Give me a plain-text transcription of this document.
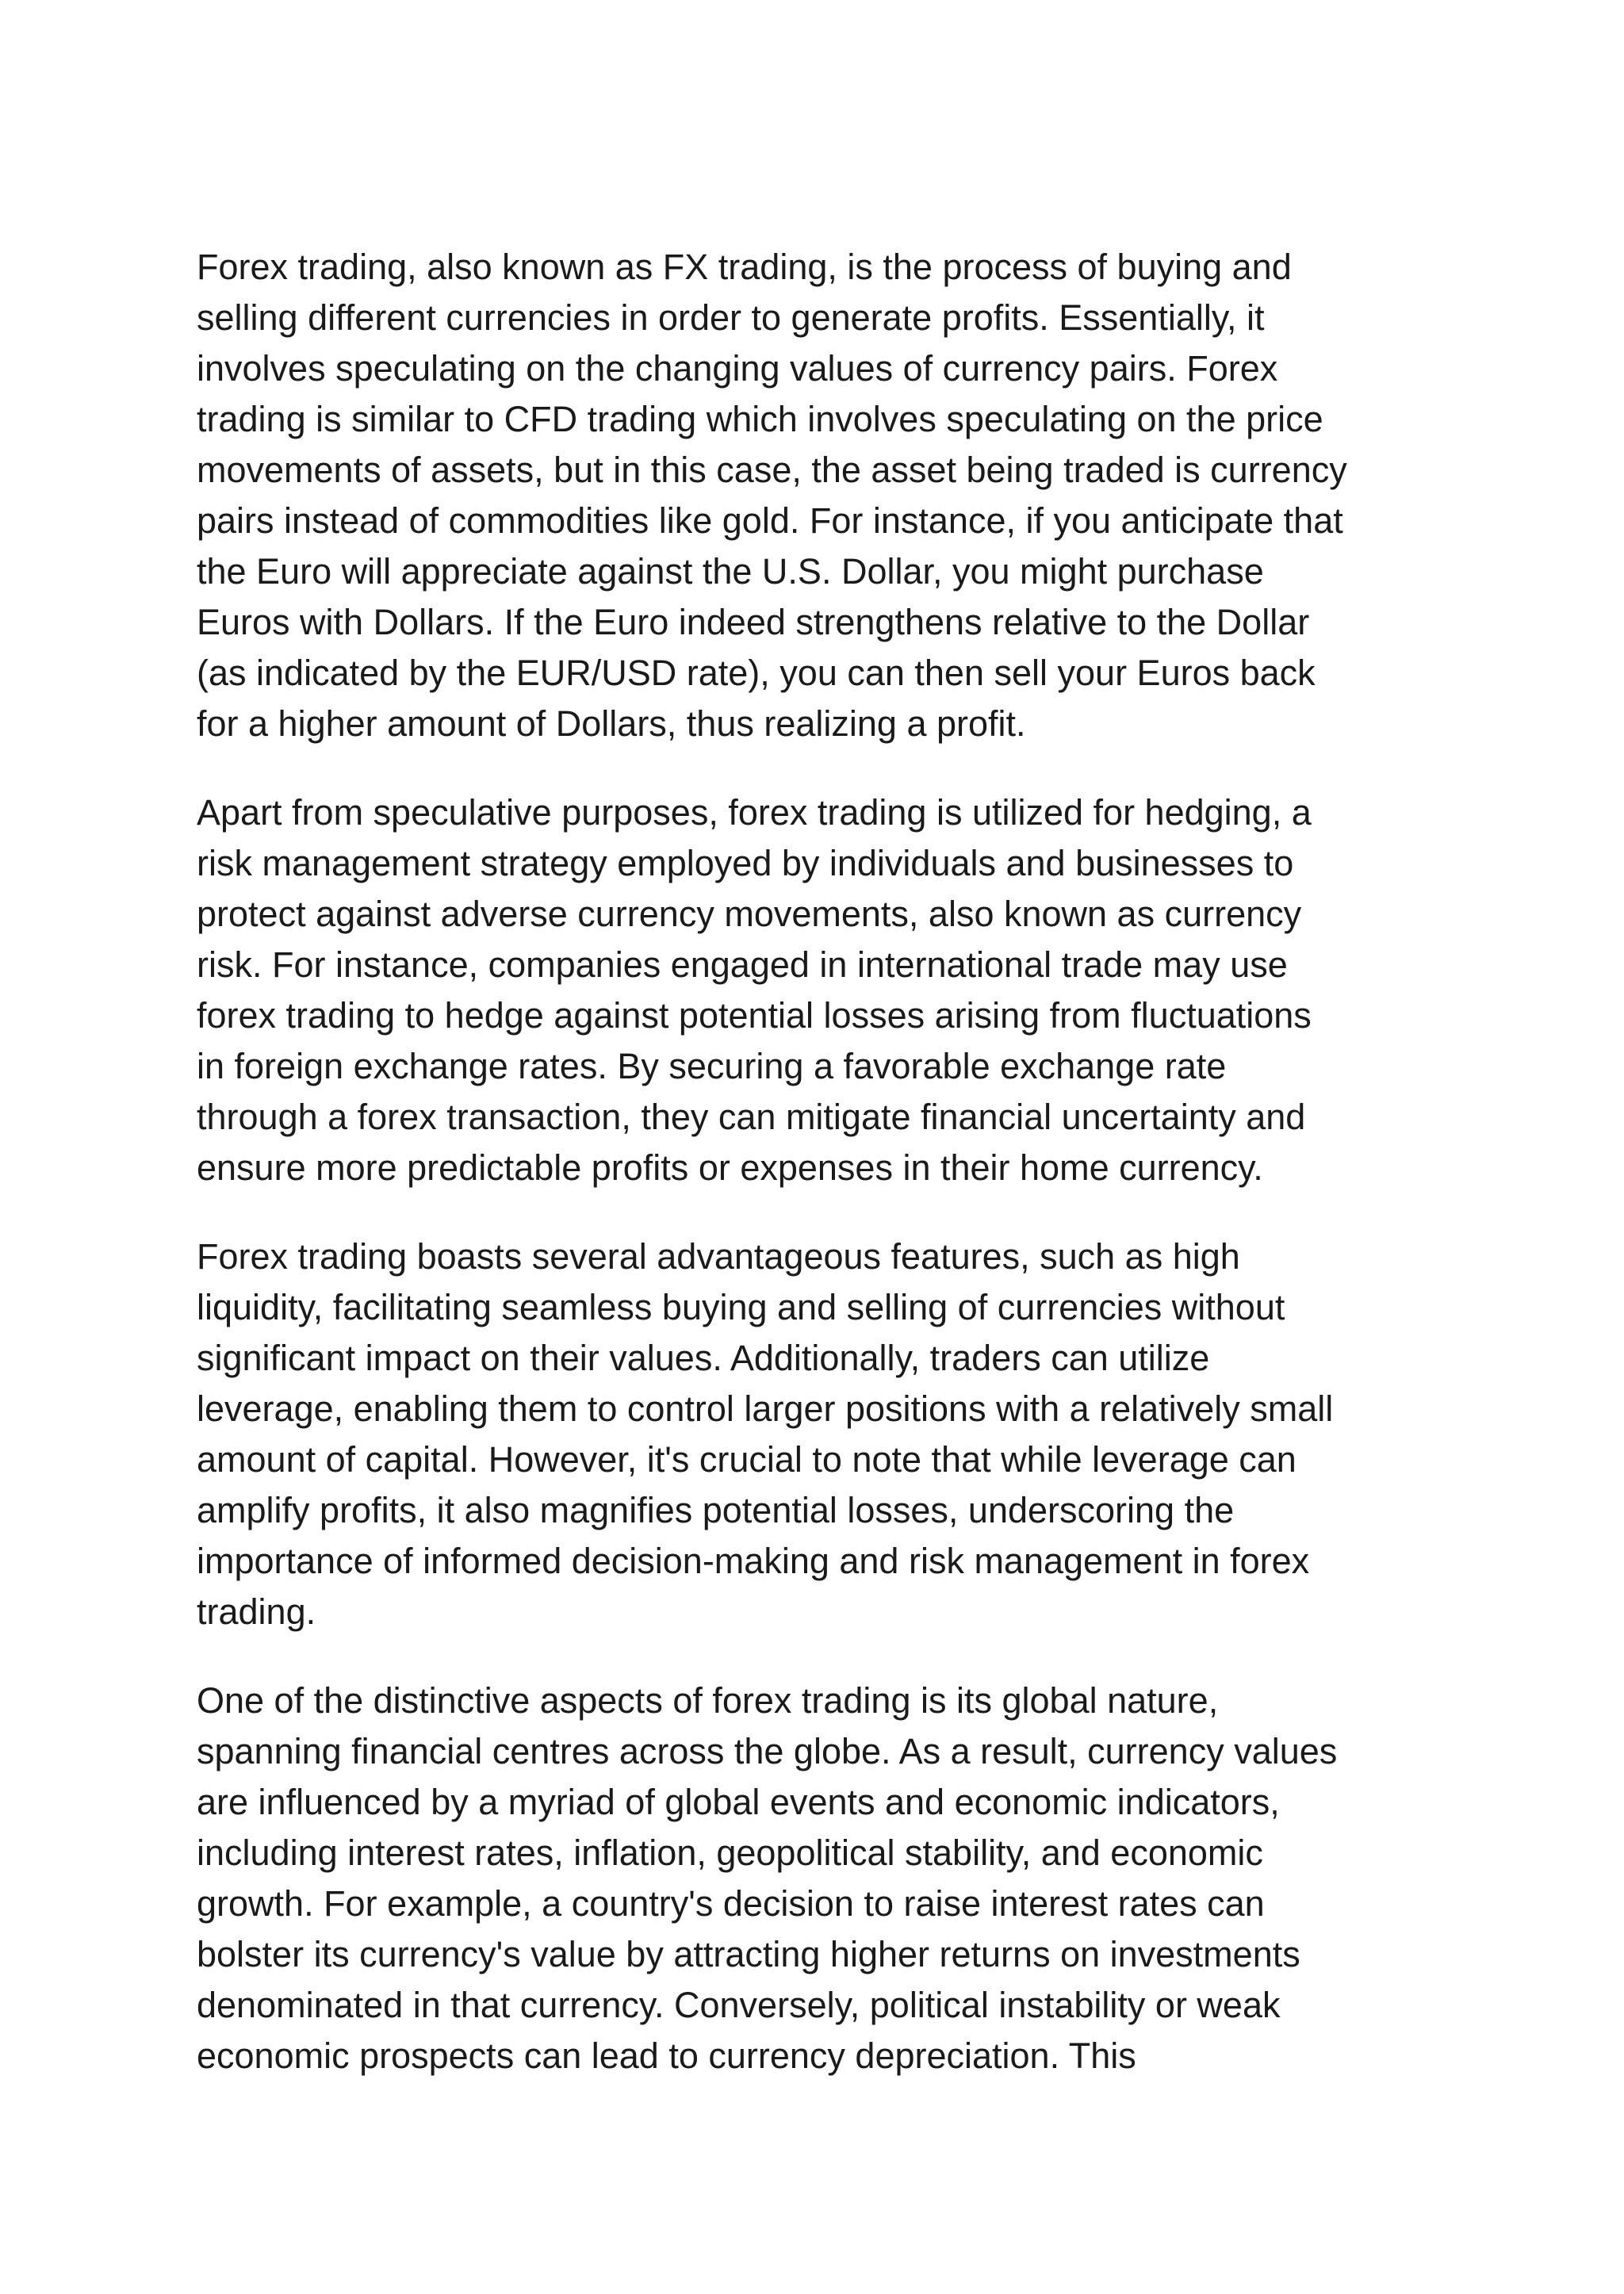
Forex trading, also known as FX trading, is the process of buying and
selling different currencies in order to generate profits. Essentially, it
involves speculating on the changing values of currency pairs. Forex
trading is similar to CFD trading which involves speculating on the price
movements of assets, but in this case, the asset being traded is currency
pairs instead of commodities like gold. For instance, if you anticipate that
the Euro will appreciate against the U.S. Dollar, you might purchase
Euros with Dollars. If the Euro indeed strengthens relative to the Dollar
(as indicated by the EUR/USD rate), you can then sell your Euros back
for a higher amount of Dollars, thus realizing a profit.

Apart from speculative purposes, forex trading is utilized for hedging, a
risk management strategy employed by individuals and businesses to
protect against adverse currency movements, also known as currency
risk. For instance, companies engaged in international trade may use
forex trading to hedge against potential losses arising from fluctuations
in foreign exchange rates. By securing a favorable exchange rate
through a forex transaction, they can mitigate financial uncertainty and
ensure more predictable profits or expenses in their home currency.

Forex trading boasts several advantageous features, such as high
liquidity, facilitating seamless buying and selling of currencies without
significant impact on their values. Additionally, traders can utilize
leverage, enabling them to control larger positions with a relatively small
amount of capital. However, it's crucial to note that while leverage can
amplify profits, it also magnifies potential losses, underscoring the
importance of informed decision-making and risk management in forex
trading.

One of the distinctive aspects of forex trading is its global nature,
spanning financial centres across the globe. As a result, currency values
are influenced by a myriad of global events and economic indicators,
including interest rates, inflation, geopolitical stability, and economic
growth. For example, a country's decision to raise interest rates can
bolster its currency's value by attracting higher returns on investments
denominated in that currency. Conversely, political instability or weak
economic prospects can lead to currency depreciation. This
